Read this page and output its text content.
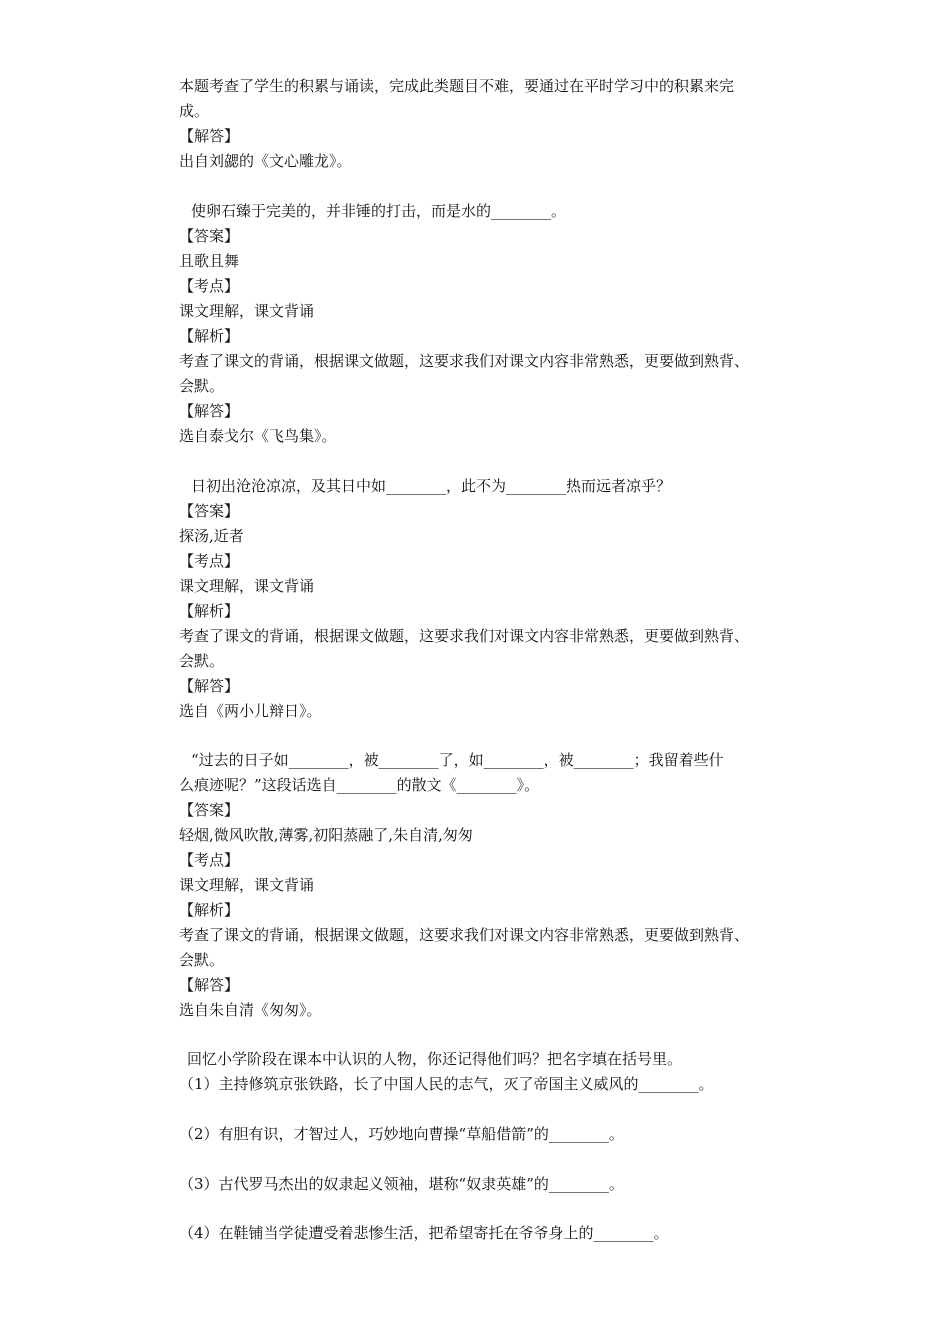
本题考查了学生的积累与诵读，完成此类题目不难，要通过在平时学习中的积累来完
成。
【解答】
出自刘勰的《文心雕龙》。
使卵石臻于完美的，并非锤的打击，而是水的________。
【答案】
且歌且舞
【考点】
课文理解，课文背诵
【解析】
考查了课文的背诵，根据课文做题，这要求我们对课文内容非常熟悉，更要做到熟背、
会默。
【解答】
选自泰戈尔《飞鸟集》。
日初出沧沧凉凉，及其日中如________，此不为________热而远者凉乎？
【答案】
探汤,近者
【考点】
课文理解，课文背诵
【解析】
考查了课文的背诵，根据课文做题，这要求我们对课文内容非常熟悉，更要做到熟背、
会默。
【解答】
选自《两小儿辩日》。
“过去的日子如________，被________了，如________，被________；我留着些什
么痕迹呢？”这段话选自________的散文《________》。
【答案】
轻烟,微风吹散,薄雾,初阳蒸融了,朱自清,匆匆
【考点】
课文理解，课文背诵
【解析】
考查了课文的背诵，根据课文做题，这要求我们对课文内容非常熟悉，更要做到熟背、
会默。
【解答】
选自朱自清《匆匆》。
回忆小学阶段在课本中认识的人物，你还记得他们吗？把名字填在括号里。
（1）主持修筑京张铁路，长了中国人民的志气，灭了帝国主义威风的________。
（2）有胆有识，才智过人，巧妙地向曹操“草船借箭”的________。
（3）古代罗马杰出的奴隶起义领袖，堪称“奴隶英雄”的________。
（4）在鞋铺当学徒遭受着悲惨生活，把希望寄托在爷爷身上的________。
